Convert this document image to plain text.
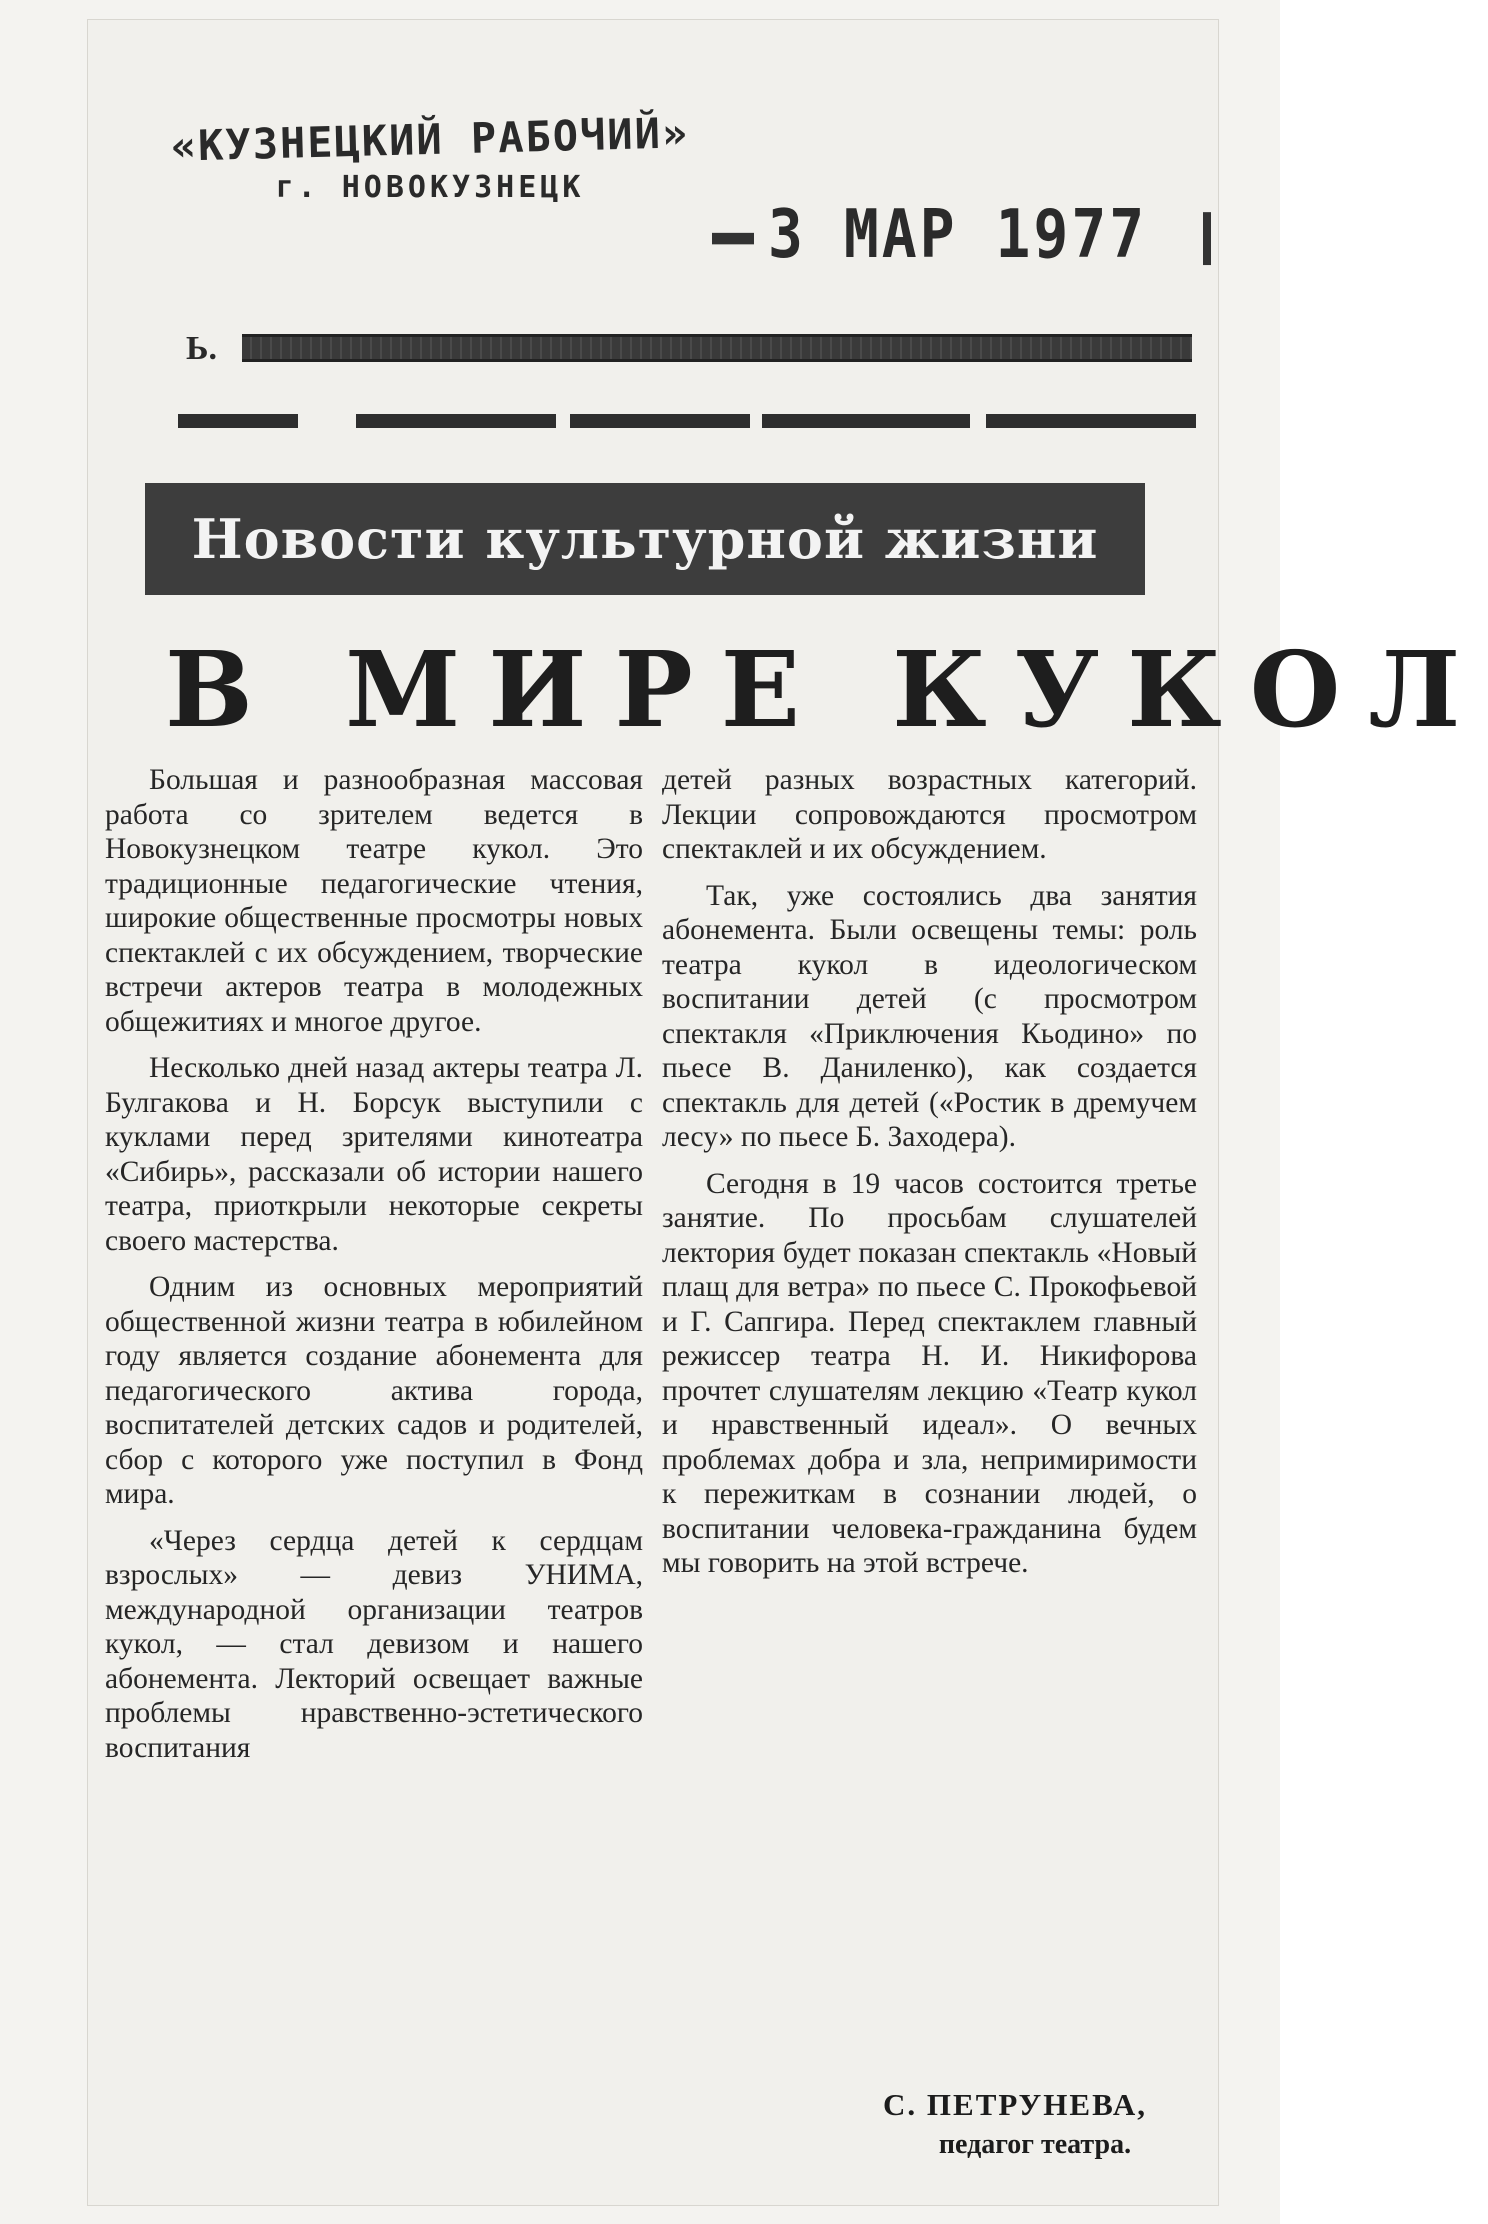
«КУЗНЕЦКИЙ РАБОЧИЙ»
г. НОВОКУЗНЕЦК
3 МАР 1977
Ь.
Новости культурной жизни
В МИРЕ КУКОЛ

Большая и разнообразная массовая работа со зрителем ведется в Новокузнецком театре кукол. Это традиционные педагогические чтения, широкие общественные просмотры новых спектаклей с их обсуждением, творческие встречи актеров театра в молодежных общежитиях и многое другое.

Несколько дней назад актеры театра Л. Булгакова и Н. Борсук выступили с куклами перед зрителями кинотеатра «Сибирь», рассказали об истории нашего театра, приоткрыли некоторые секреты своего мастерства.

Одним из основных мероприятий общественной жизни театра в юбилейном году является создание абонемента для педагогического актива города, воспитателей детских садов и родителей, сбор с которого уже поступил в Фонд мира.

«Через сердца детей к сердцам взрослых» — девиз УНИМА, международной организации театров кукол, — стал девизом и нашего абонемента. Лекторий освещает важные проблемы нравственно-эстетического воспитания

детей разных возрастных категорий. Лекции сопровождаются просмотром спектаклей и их обсуждением.

Так, уже состоялись два занятия абонемента. Были освещены темы: роль театра кукол в идеологическом воспитании детей (с просмотром спектакля «Приключения Кьодино» по пьесе В. Даниленко), как создается спектакль для детей («Ростик в дремучем лесу» по пьесе Б. Заходера).

Сегодня в 19 часов состоится третье занятие. По просьбам слушателей лектория будет показан спектакль «Новый плащ для ветра» по пьесе С. Прокофьевой и Г. Сапгира. Перед спектаклем главный режиссер театра Н. И. Никифорова прочтет слушателям лекцию «Театр кукол и нравственный идеал». О вечных проблемах добра и зла, непримиримости к пережиткам в сознании людей, о воспитании человека-гражданина будем мы говорить на этой встрече.

С. ПЕТРУНЕВА,
педагог театра.
